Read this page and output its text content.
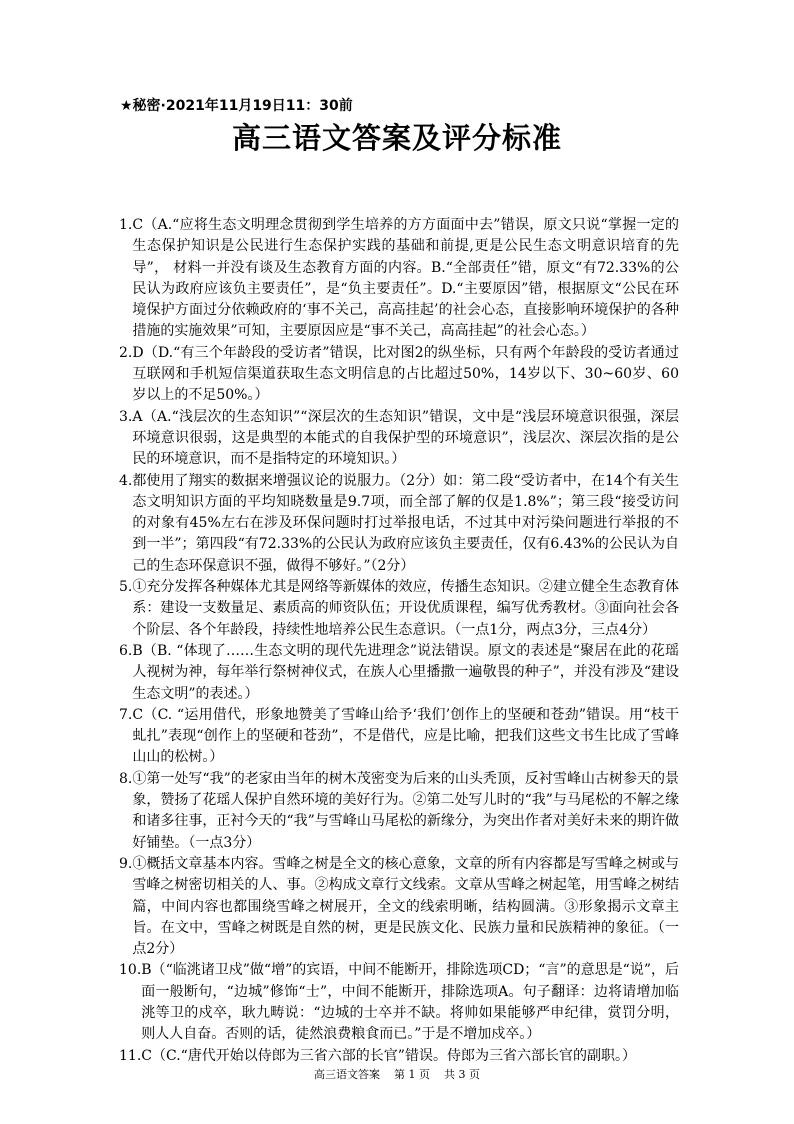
★秘密·2021年11月19日11：30前
高三语文答案及评分标准
1. C（A.“应将生态文明理念贯彻到学生培养的方方面面中去”错误，原文只说“掌握一定的生态保护知识是公民进行生态保护实践的基础和前提,更是公民生态文明意识培育的先导”， 材料一并没有谈及生态教育方面的内容。B.“全部责任”错，原文“有72.33%的公民认为政府应该负主要责任”，是“负主要责任”。D.“主要原因”错，根据原文“公民在环境保护方面过分依赖政府的‘事不关己，高高挂起’的社会心态，直接影响环境保护的各种措施的实施效果”可知，主要原因应是“事不关己，高高挂起”的社会心态。）
2. D（D.“有三个年龄段的受访者”错误，比对图2的纵坐标，只有两个年龄段的受访者通过互联网和手机短信渠道获取生态文明信息的占比超过50%，14岁以下、30~60岁、60岁以上的不足50%。）
3. A（A.“浅层次的生态知识”“深层次的生态知识”错误，文中是“浅层环境意识很强，深层环境意识很弱，这是典型的本能式的自我保护型的环境意识”，浅层次、深层次指的是公民的环境意识，而不是指特定的环境知识。）
4. 都使用了翔实的数据来增强议论的说服力。（2分）如：第二段“受访者中，在14个有关生态文明知识方面的平均知晓数量是9.7项，而全部了解的仅是1.8%”；第三段“接受访问的对象有45%左右在涉及环保问题时打过举报电话，不过其中对污染问题进行举报的不到一半”；第四段“有72.33%的公民认为政府应该负主要责任，仅有6.43%的公民认为自己的生态环保意识不强，做得不够好。”（2分）
5. ①充分发挥各种媒体尤其是网络等新媒体的效应，传播生态知识。②建立健全生态教育体系：建设一支数量足、素质高的师资队伍；开设优质课程，编写优秀教材。③面向社会各个阶层、各个年龄段，持续性地培养公民生态意识。（一点1分，两点3分，三点4分）
6. B（B. “体现了……生态文明的现代先进理念”说法错误。原文的表述是“聚居在此的花瑶人视树为神，每年举行祭树神仪式，在族人心里播撒一遍敬畏的种子”，并没有涉及“建设生态文明”的表述。）
7. C（C. “运用借代，形象地赞美了雪峰山给予‘我们’创作上的坚硬和苍劲”错误。用“枝干虬扎”表现“创作上的坚硬和苍劲”，不是借代，应是比喻，把我们这些文书生比成了雪峰山山的松树。）
8. ①第一处写“我”的老家由当年的树木茂密变为后来的山头秃顶，反衬雪峰山古树参天的景象，赞扬了花瑶人保护自然环境的美好行为。②第二处写儿时的“我”与马尾松的不解之缘和诸多往事，正衬今天的“我”与雪峰山马尾松的新缘分，为突出作者对美好未来的期许做好铺垫。（一点3分）
9. ①概括文章基本内容。雪峰之树是全文的核心意象，文章的所有内容都是写雪峰之树或与雪峰之树密切相关的人、事。②构成文章行文线索。文章从雪峰之树起笔，用雪峰之树结篇，中间内容也都围绕雪峰之树展开，全文的线索明晰，结构圆满。③形象揭示文章主旨。在文中，雪峰之树既是自然的树，更是民族文化、民族力量和民族精神的象征。（一点2分）
10. B（“临洮诸卫戍”做“增”的宾语，中间不能断开，排除选项CD；“言”的意思是“说”，后面一般断句，“边城”修饰“士”，中间不能断开，排除选项A。句子翻译：边将请增加临洮等卫的戍卒，耿九畴说：“边城的士卒并不缺。将帅如果能够严申纪律，赏罚分明，则人人自奋。否则的话，徒然浪费粮食而已。”于是不增加戍卒。）
11. C（C.“唐代开始以侍郎为三省六部的长官”错误。侍郎为三省六部长官的副职。）
高三语文答案 第 1 页 共 3 页
